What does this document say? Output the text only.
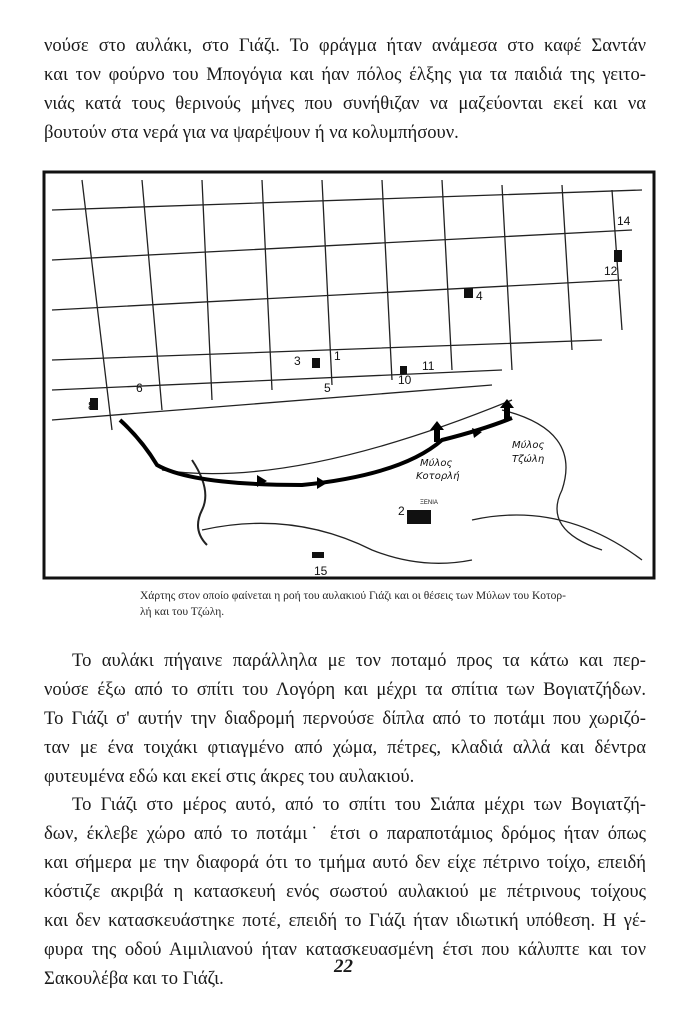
νούσε στο αυλάκι, στο Γιάζι. Το φράγμα ήταν ανάμεσα στο καφέ Σαντάν
και τον φούρνο του Μπογόγια και ήαν πόλος έλξης για τα παιδιά της γειτο-
νιάς κατά τους θερινούς μήνες που συνήθιζαν να μαζεύονται εκεί και να
βουτούν στα νερά για να ψαρέψουν ή να κολυμπήσουν.
Μύλος
Κοτορλή
Μύλος
Τζώλη
ΞΕΝΙΑ
14
12
4
3	1
5
10
11
6
8
2
15
Χάρτης στον οποίο φαίνεται η ροή του αυλακιού Γιάζι και οι θέσεις των Μύλων του Κοτορ-
λή και του Τζώλη.
Το αυλάκι πήγαινε παράλληλα με τον ποταμό προς τα κάτω και περ-
νούσε έξω από το σπίτι του Λογόρη και μέχρι τα σπίτια των Βογιατζήδων.
Το Γιάζι σ' αυτήν την διαδρομή περνούσε δίπλα από το ποτάμι που χωριζό-
ταν με ένα τοιχάκι φτιαγμένο από χώμα, πέτρες, κλαδιά αλλά και δέντρα
φυτευμένα εδώ και εκεί στις άκρες του αυλακιού.
Το Γιάζι στο μέρος αυτό, από το σπίτι του Σιάπα μέχρι των Βογιατζή-
δων, έκλεβε χώρο από το ποτάμι˙ έτσι ο παραποτάμιος δρόμος ήταν όπως
και σήμερα με την διαφορά ότι το τμήμα αυτό δεν είχε πέτρινο τοίχο, επειδή
κόστιζε ακριβά η κατασκευή ενός σωστού αυλακιού με πέτρινους τοίχους
και δεν κατασκευάστηκε ποτέ, επειδή το Γιάζι ήταν ιδιωτική υπόθεση. Η γέ-
φυρα της οδού Αιμιλιανού ήταν κατασκευασμένη έτσι που κάλυπτε και τον
Σακουλέβα και το Γιάζι.
22
